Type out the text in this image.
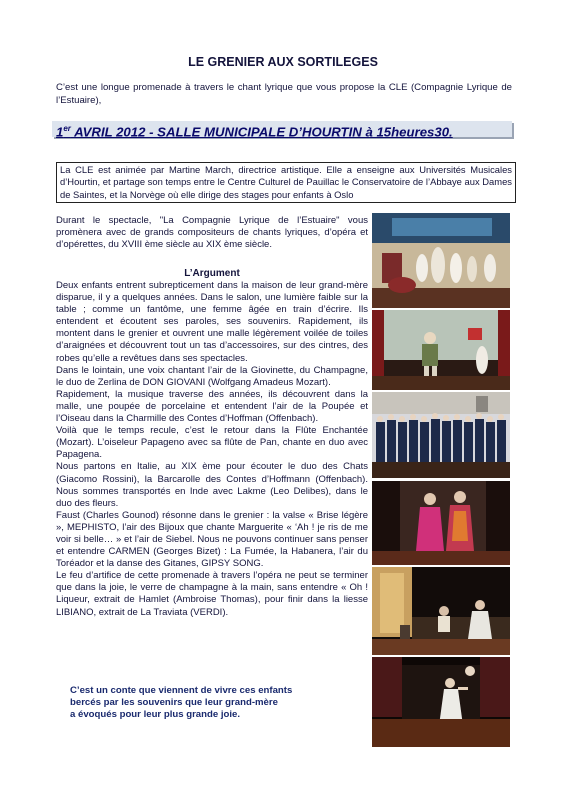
LE GRENIER AUX SORTILEGES
C’est une longue promenade à travers le chant lyrique que vous propose la CLE (Compagnie Lyrique de l’Estuaire),
1er AVRIL 2012 - SALLE MUNICIPALE D’HOURTIN à 15heures30.
La CLE est animée par Martine March, directrice artistique. Elle a enseigne aux Universités Musicales d’Hourtin, et partage son temps entre le Centre Culturel de Pauillac le Conservatoire de l’Abbaye aux Dames de Saintes, et la Norvège où elle dirige des stages pour enfants à Oslo
Durant le spectacle, "La Compagnie Lyrique de l’Estuaire" vous promènera avec de grands compositeurs de chants lyriques, d’opéra et d’opérettes, du XVIII ème siècle au XIX ème siècle.
L’Argument

Deux enfants entrent subrepticement dans la maison de leur grand-mère disparue, il y a quelques années. Dans le salon, une lumière faible sur la table ; comme un fantôme, une femme âgée en train d’écrire. Ils entendent et écoutent ses paroles, ses souvenirs. Rapidement, ils montent dans le grenier et ouvrent une malle légèrement voilée de toiles d’araignées et découvrent tout un tas d’accessoires, sur des cintres, des robes qu’elle a revêtues dans ses spectacles.

Dans le lointain, une voix chantant l’air de la Giovinette, du Champagne, le duo de Zerlina de DON GIOVANI (Wolfgang Amadeus Mozart).

Rapidement, la musique traverse des années, ils découvrent dans la malle, une poupée de porcelaine et entendent l’air de la Poupée et l’Oiseau dans la Charmille des Contes d’Hoffman (Offenbach).

Voilà que le temps recule, c’est le retour dans la Flûte Enchantée (Mozart). L’oiseleur Papageno avec sa flûte de Pan, chante en duo avec Papagena.

Nous partons en Italie, au XIX ème pour écouter le duo des Chats (Giacomo Rossini), la Barcarolle des Contes d’Hoffmann (Offenbach). Nous sommes transportés en Inde avec Lakme (Leo Delibes), dans le duo des fleurs.

Faust (Charles Gounod) résonne dans le grenier : la valse « Brise légère », MEPHISTO, l’air des Bijoux que chante Marguerite « ‘Ah ! je ris de me voir si belle… » et l’air de Siebel. Nous ne pouvons continuer sans penser et entendre CARMEN (Georges Bizet) : La Fumée, la Habanera, l’air du Toréador et la danse des Gitanes, GIPSY SONG.

Le feu d’artifice de cette promenade à travers l’opéra ne peut se terminer que dans la joie, le verre de champagne à la main, sans entendre « Oh ! Liqueur, extrait de Hamlet (Ambroise Thomas), pour finir dans la liesse LIBIANO, extrait de La Traviata (VERDI).

C’est un conte que viennent de vivre ces enfants
bercés par les souvenirs que leur grand-mère
a évoqués pour leur plus grande joie.
